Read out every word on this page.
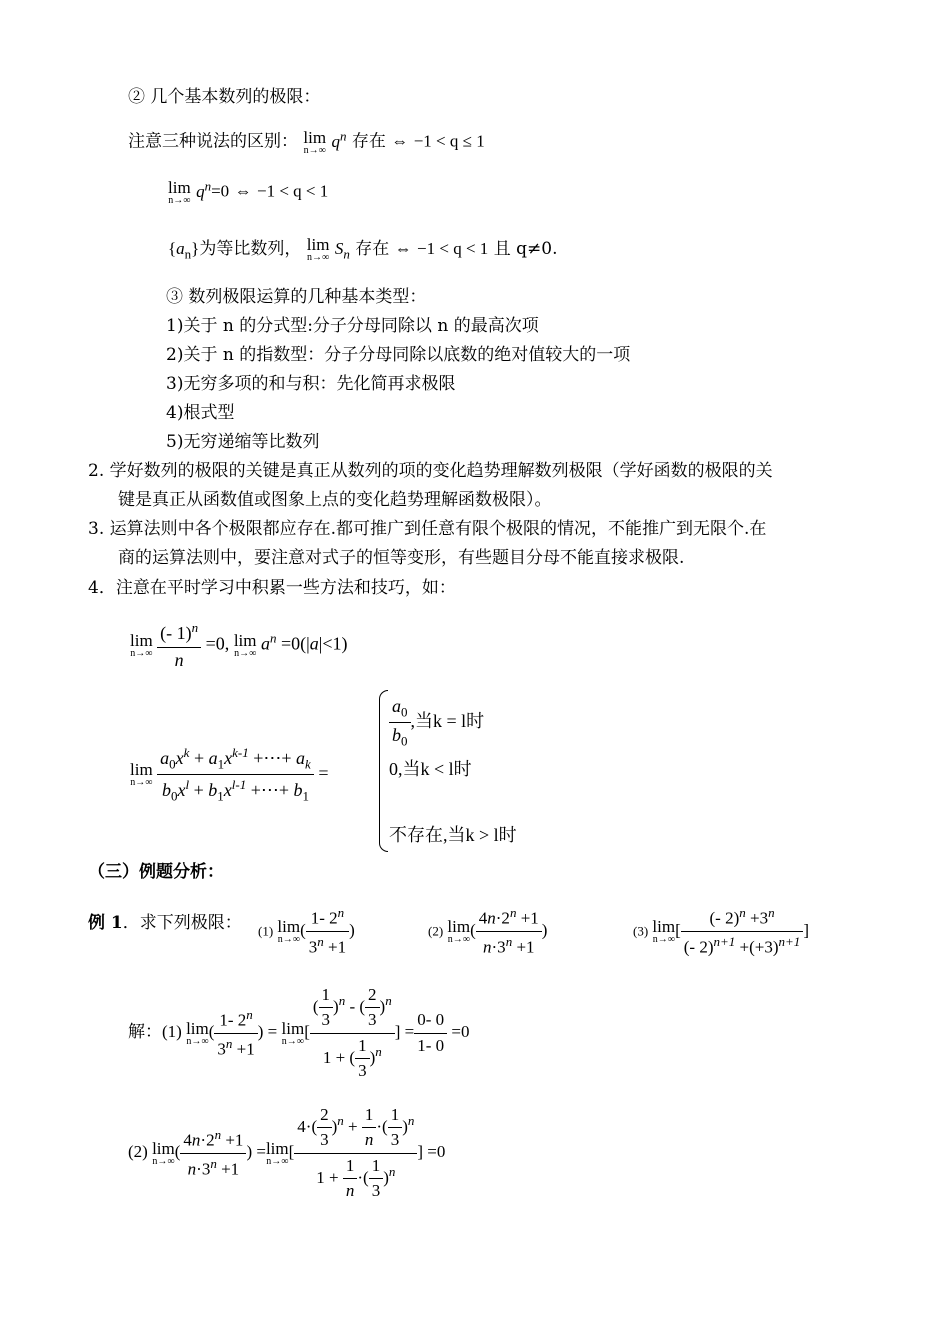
② 几个基本数列的极限：
注意三种说法的区别： lim
n→∞ $q^n$ 存在 ⇔ −1 < q ≤ 1
lim
n→∞ $q^n=0$ ⇔ −1 < q < 1
$\{a_n\}$为等比数列， lim
n→∞ $S_n$ 存在 ⇔ −1 < q < 1 且 q≠0.
③ 数列极限运算的几种基本类型：
1)关于 n 的分式型:分子分母同除以 n 的最高次项
2)关于 n 的指数型：分子分母同除以底数的绝对值较大的一项
3)无穷多项的和与积：先化简再求极限
4)根式型
5)无穷递缩等比数列
2. 学好数列的极限的关键是真正从数列的项的变化趋势理解数列极限（学好函数的极限的关
键是真正从函数值或图象上点的变化趋势理解函数极限）。
3. 运算法则中各个极限都应存在.都可推广到任意有限个极限的情况，不能推广到无限个.在
商的运算法则中，要注意对式子的恒等变形，有些题目分母不能直接求极限.
4．注意在平时学习中积累一些方法和技巧，如：
lim
n→∞
$\frac{(- 1)^n}{n} =0$, lim
n→∞ $a^n =0(|a|<1)$
lim
n→∞
$\frac{a_0x^k + a_1x^{k-1} +\cdots+ a_k}{b_0x^l + b_1x^{l-1} +\cdots+ b_1}$ =
$\frac{a_0}{b_0}$ ,当k = l时
0,当k < l时
不存在,当k > l时
（三）例题分析：
例 1．求下列极限： (1) lim
n→∞
( $\frac{1- 2^n}{3^n +1}$ )	(2) lim
n→∞
( $\frac{4n\cdot 2^n +1}{n\cdot 3^n +1}$ )	(3) lim
n→∞
[ $\frac{(- 2)^n +3^n}{(- 2)^{n+1} +(+3)^{n+1}}$ ]
解：(1) lim
n→∞
( $\frac{1- 2^n}{3^n +1}$ ) = lim
n→∞
[ $\frac{( \frac{1}{3} )^n - ( \frac{2}{3} )^n}{1 + ( \frac{1}{3} )^n}$ ] = $\frac{0- 0}{1- 0} =0$
(2) lim
n→∞
( $\frac{4n\cdot 2^n +1}{n\cdot 3^n +1}$ ) = lim
n→∞
[ $\frac{4\cdot( \frac{2}{3} )^n + \frac{1}{n} \cdot( \frac{1}{3} )^n}{1 + \frac{1}{n} \cdot( \frac{1}{3} )^n}$ ] =0
